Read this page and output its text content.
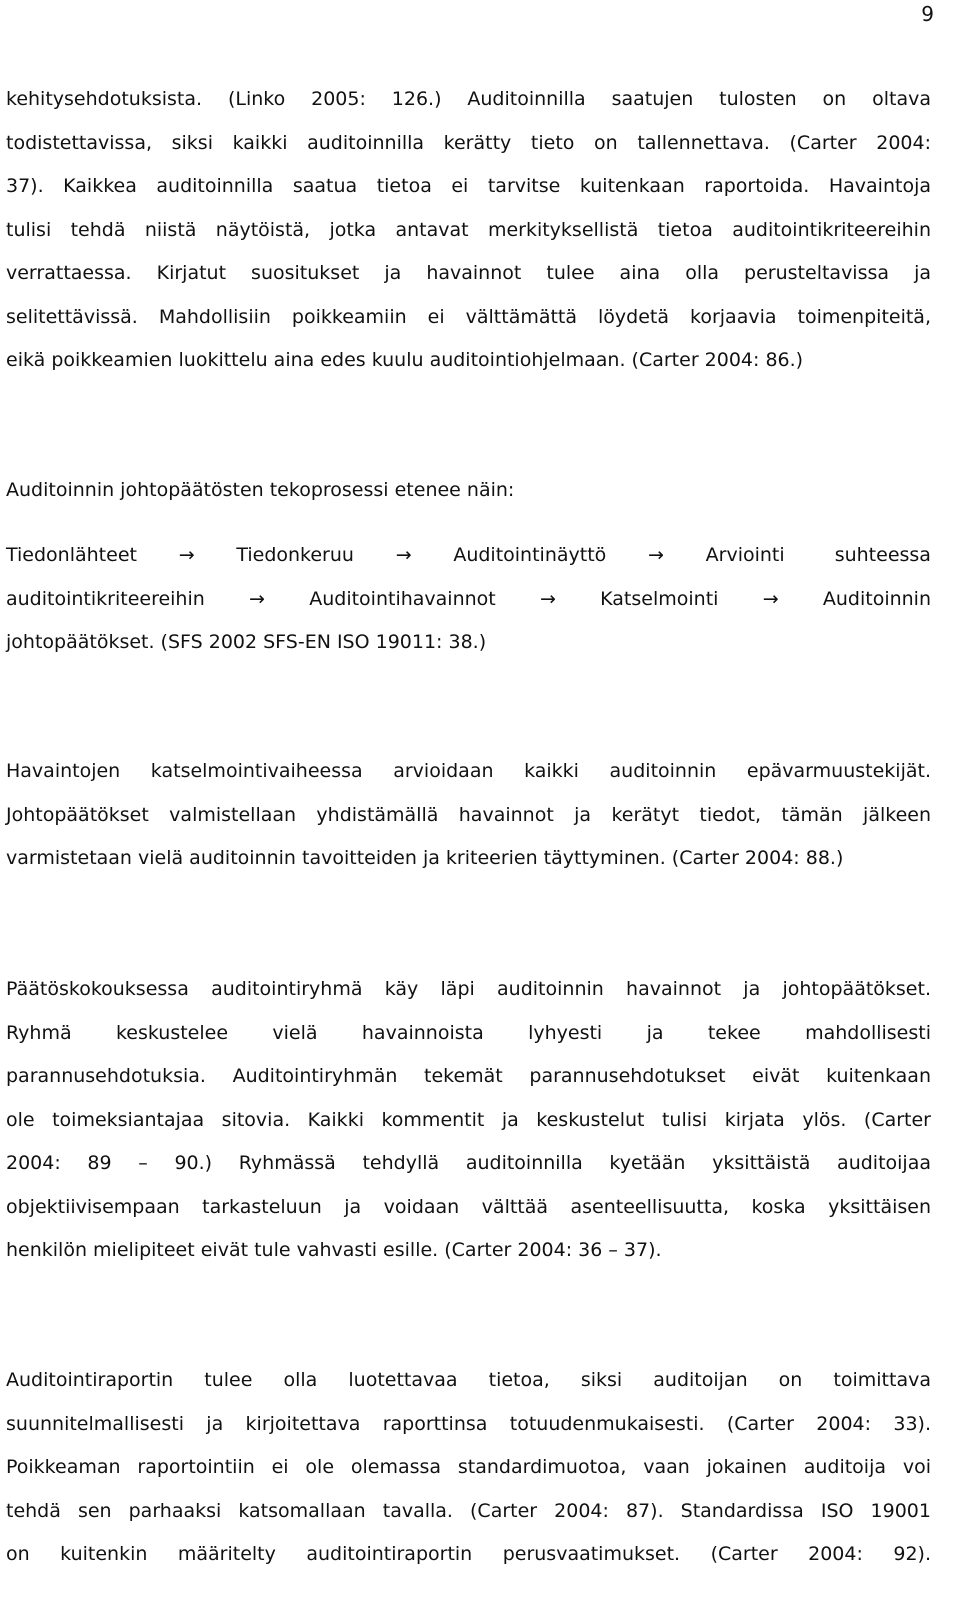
9
kehitysehdotuksista. (Linko 2005: 126.) Auditoinnilla saatujen tulosten on oltava
todistettavissa, siksi kaikki auditoinnilla kerätty tieto on tallennettava. (Carter 2004:
37). Kaikkea auditoinnilla saatua tietoa ei tarvitse kuitenkaan raportoida. Havaintoja
tulisi tehdä niistä näytöistä, jotka antavat merkityksellistä tietoa auditointikriteereihin
verrattaessa. Kirjatut suositukset ja havainnot tulee aina olla perusteltavissa ja
selitettävissä. Mahdollisiin poikkeamiin ei välttämättä löydetä korjaavia toimenpiteitä,
eikä poikkeamien luokittelu aina edes kuulu auditointiohjelmaan. (Carter 2004: 86.)
Auditoinnin johtopäätösten tekoprosessi etenee näin:
Tiedonlähteet → Tiedonkeruu → Auditointinäyttö → Arviointi suhteessa
auditointikriteereihin → Auditointihavainnot → Katselmointi → Auditoinnin
johtopäätökset. (SFS 2002 SFS-EN ISO 19011: 38.)
Havaintojen katselmointivaiheessa arvioidaan kaikki auditoinnin epävarmuustekijät.
Johtopäätökset valmistellaan yhdistämällä havainnot ja kerätyt tiedot, tämän jälkeen
varmistetaan vielä auditoinnin tavoitteiden ja kriteerien täyttyminen. (Carter 2004: 88.)
Päätöskokouksessa auditointiryhmä käy läpi auditoinnin havainnot ja johtopäätökset.
Ryhmä keskustelee vielä havainnoista lyhyesti ja tekee mahdollisesti
parannusehdotuksia. Auditointiryhmän tekemät parannusehdotukset eivät kuitenkaan
ole toimeksiantajaa sitovia. Kaikki kommentit ja keskustelut tulisi kirjata ylös. (Carter
2004: 89 – 90.) Ryhmässä tehdyllä auditoinnilla kyetään yksittäistä auditoijaa
objektiivisempaan tarkasteluun ja voidaan välttää asenteellisuutta, koska yksittäisen
henkilön mielipiteet eivät tule vahvasti esille. (Carter 2004: 36 – 37).
Auditointiraportin tulee olla luotettavaa tietoa, siksi auditoijan on toimittava
suunnitelmallisesti ja kirjoitettava raporttinsa totuudenmukaisesti. (Carter 2004: 33).
Poikkeaman raportointiin ei ole olemassa standardimuotoa, vaan jokainen auditoija voi
tehdä sen parhaaksi katsomallaan tavalla. (Carter 2004: 87). Standardissa ISO 19001
on kuitenkin määritelty auditointiraportin perusvaatimukset. (Carter 2004: 92).
